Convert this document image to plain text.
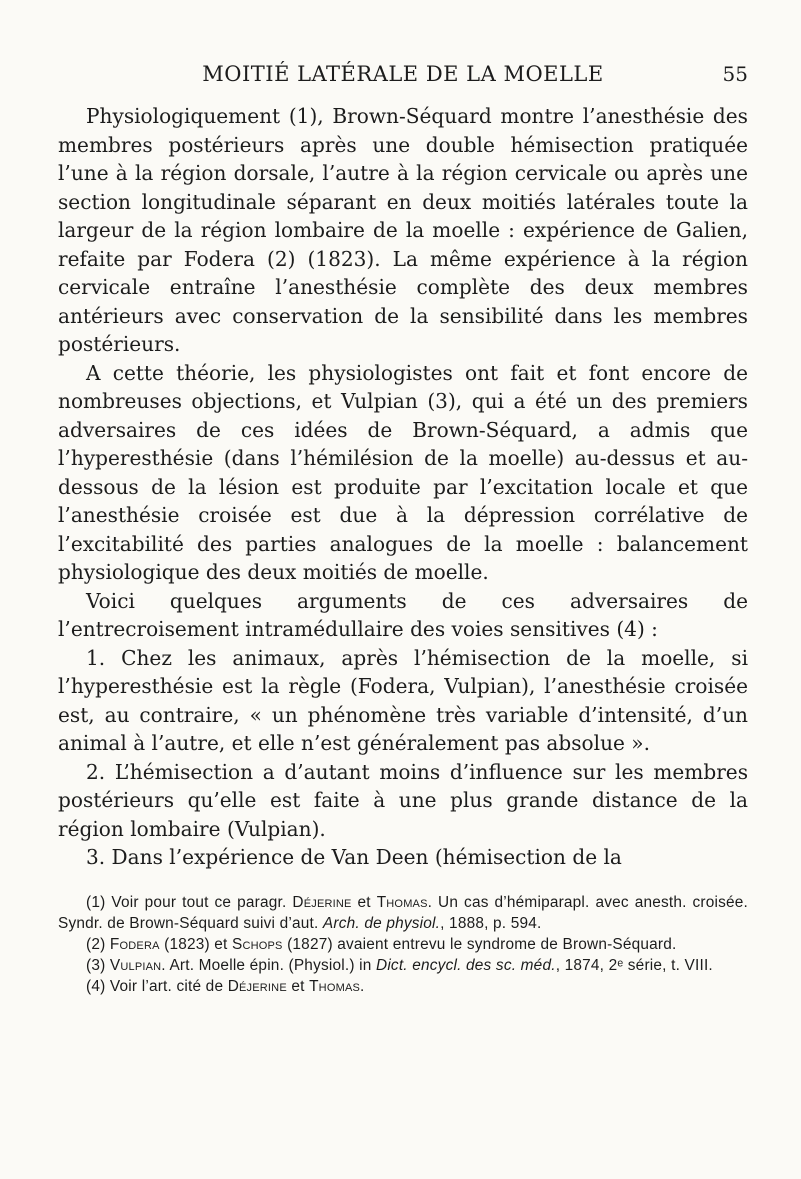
MOITIÉ LATÉRALE DE LA MOELLE	55

Physiologiquement (1), Brown-Séquard montre l’anesthésie des membres postérieurs après une double hémisection pratiquée l’une à la région dorsale, l’autre à la région cervicale ou après une section longitudinale séparant en deux moitiés latérales toute la largeur de la région lombaire de la moelle : expérience de Galien, refaite par Fodera (2) (1823). La même expérience à la région cervicale entraîne l’anesthésie complète des deux membres antérieurs avec conservation de la sensibilité dans les membres postérieurs.

A cette théorie, les physiologistes ont fait et font encore de nombreuses objections, et Vulpian (3), qui a été un des premiers adversaires de ces idées de Brown-Séquard, a admis que l’hyperesthésie (dans l’hémilésion de la moelle) au-dessus et au-dessous de la lésion est produite par l’excitation locale et que l’anesthésie croisée est due à la dépression corrélative de l’excitabilité des parties analogues de la moelle : balancement physiologique des deux moitiés de moelle.

Voici quelques arguments de ces adversaires de l’entrecroisement intramédullaire des voies sensitives (4) :

1. Chez les animaux, après l’hémisection de la moelle, si l’hyperesthésie est la règle (Fodera, Vulpian), l’anesthésie croisée est, au contraire, « un phénomène très variable d’intensité, d’un animal à l’autre, et elle n’est généralement pas absolue ».

2. L’hémisection a d’autant moins d’influence sur les membres postérieurs qu’elle est faite à une plus grande distance de la région lombaire (Vulpian).

3. Dans l’expérience de Van Deen (hémisection de la

(1) Voir pour tout ce paragr. Déjerine et Thomas. Un cas d’hémiparapl. avec anesth. croisée. Syndr. de Brown-Séquard suivi d’aut. Arch. de physiol., 1888, p. 594.

(2) Fodera (1823) et Schops (1827) avaient entrevu le syndrome de Brown-Séquard.

(3) Vulpian. Art. Moelle épin. (Physiol.) in Dict. encycl. des sc. méd., 1874, 2ᵉ série, t. VIII.

(4) Voir l’art. cité de Déjerine et Thomas.
